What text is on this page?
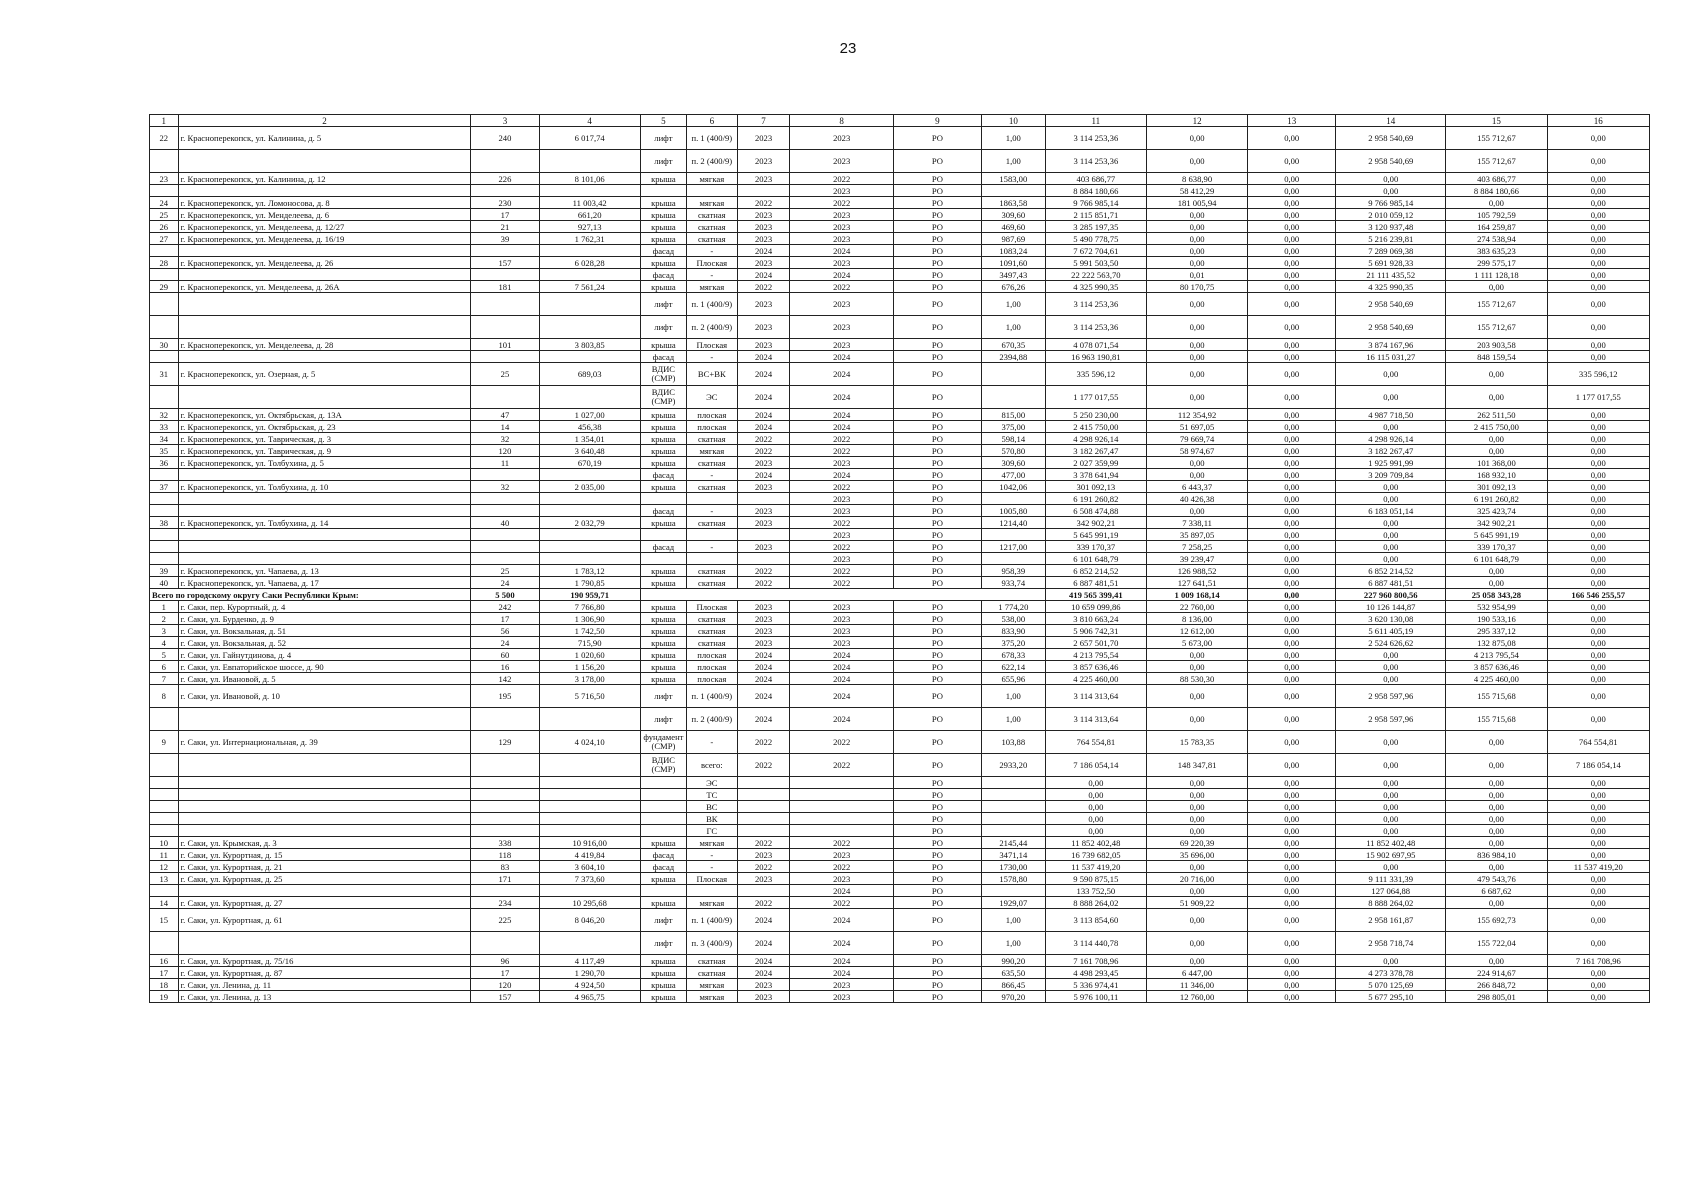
23
1	2	3	4	5	6	7	8	9	10	11	12	13	14	15	16
22	г. Красноперекопск, ул. Калинина, д. 5	240	6 017,74	лифт	п. 1 (400/9)	2023	2023	РО	1,00	3 114 253,36	0,00	0,00	2 958 540,69	155 712,67	0,00
				лифт	п. 2 (400/9)	2023	2023	РО	1,00	3 114 253,36	0,00	0,00	2 958 540,69	155 712,67	0,00
23	г. Красноперекопск, ул. Калинина, д. 12	226	8 101,06	крыша	мягкая	2023	2022	РО	1583,00	403 686,77	8 638,90	0,00	0,00	403 686,77	0,00
							2023	РО		8 884 180,66	58 412,29	0,00	0,00	8 884 180,66	0,00
24	г. Красноперекопск, ул. Ломоносова, д. 8	230	11 003,42	крыша	мягкая	2022	2022	РО	1863,58	9 766 985,14	181 005,94	0,00	9 766 985,14	0,00	0,00
25	г. Красноперекопск, ул. Менделеева, д. 6	17	661,20	крыша	скатная	2023	2023	РО	309,60	2 115 851,71	0,00	0,00	2 010 059,12	105 792,59	0,00
26	г. Красноперекопск, ул. Менделеева, д. 12/27	21	927,13	крыша	скатная	2023	2023	РО	469,60	3 285 197,35	0,00	0,00	3 120 937,48	164 259,87	0,00
27	г. Красноперекопск, ул. Менделеева, д. 16/19	39	1 762,31	крыша	скатная	2023	2023	РО	987,69	5 490 778,75	0,00	0,00	5 216 239,81	274 538,94	0,00
				фасад	-	2024	2024	РО	1083,24	7 672 704,61	0,00	0,00	7 289 069,38	383 635,23	0,00
28	г. Красноперекопск, ул. Менделеева, д. 26	157	6 028,28	крыша	Плоская	2023	2023	РО	1091,60	5 991 503,50	0,00	0,00	5 691 928,33	299 575,17	0,00
				фасад	-	2024	2024	РО	3497,43	22 222 563,70	0,01	0,00	21 111 435,52	1 111 128,18	0,00
29	г. Красноперекопск, ул. Менделеева, д. 26А	181	7 561,24	крыша	мягкая	2022	2022	РО	676,26	4 325 990,35	80 170,75	0,00	4 325 990,35	0,00	0,00
				лифт	п. 1 (400/9)	2023	2023	РО	1,00	3 114 253,36	0,00	0,00	2 958 540,69	155 712,67	0,00
				лифт	п. 2 (400/9)	2023	2023	РО	1,00	3 114 253,36	0,00	0,00	2 958 540,69	155 712,67	0,00
30	г. Красноперекопск, ул. Менделеева, д. 28	101	3 803,85	крыша	Плоская	2023	2023	РО	670,35	4 078 071,54	0,00	0,00	3 874 167,96	203 903,58	0,00
				фасад	-	2024	2024	РО	2394,88	16 963 190,81	0,00	0,00	16 115 031,27	848 159,54	0,00
31	г. Красноперекопск, ул. Озерная, д. 5	25	689,03	ВДИС (СМР)	ВС+ВК	2024	2024	РО		335 596,12	0,00	0,00	0,00	0,00	335 596,12
				ВДИС (СМР)	ЭС	2024	2024	РО		1 177 017,55	0,00	0,00	0,00	0,00	1 177 017,55
32	г. Красноперекопск, ул. Октябрьская, д. 13А	47	1 027,00	крыша	плоская	2024	2024	РО	815,00	5 250 230,00	112 354,92	0,00	4 987 718,50	262 511,50	0,00
33	г. Красноперекопск, ул. Октябрьская, д. 23	14	456,38	крыша	плоская	2024	2024	РО	375,00	2 415 750,00	51 697,05	0,00	0,00	2 415 750,00	0,00
34	г. Красноперекопск, ул. Таврическая, д. 3	32	1 354,01	крыша	скатная	2022	2022	РО	598,14	4 298 926,14	79 669,74	0,00	4 298 926,14	0,00	0,00
35	г. Красноперекопск, ул. Таврическая, д. 9	120	3 640,48	крыша	мягкая	2022	2022	РО	570,80	3 182 267,47	58 974,67	0,00	3 182 267,47	0,00	0,00
36	г. Красноперекопск, ул. Толбухина, д. 5	11	670,19	крыша	скатная	2023	2023	РО	309,60	2 027 359,99	0,00	0,00	1 925 991,99	101 368,00	0,00
				фасад	-	2024	2024	РО	477,00	3 378 641,94	0,00	0,00	3 209 709,84	168 932,10	0,00
37	г. Красноперекопск, ул. Толбухина, д. 10	32	2 035,00	крыша	скатная	2023	2022	РО	1042,06	301 092,13	6 443,37	0,00	0,00	301 092,13	0,00
							2023	РО		6 191 260,82	40 426,38	0,00	0,00	6 191 260,82	0,00
				фасад	-	2023	2023	РО	1005,80	6 508 474,88	0,00	0,00	6 183 051,14	325 423,74	0,00
38	г. Красноперекопск, ул. Толбухина, д. 14	40	2 032,79	крыша	скатная	2023	2022	РО	1214,40	342 902,21	7 338,11	0,00	0,00	342 902,21	0,00
							2023	РО		5 645 991,19	35 897,05	0,00	0,00	5 645 991,19	0,00
				фасад	-	2023	2022	РО	1217,00	339 170,37	7 258,25	0,00	0,00	339 170,37	0,00
							2023	РО		6 101 648,79	39 239,47	0,00	0,00	6 101 648,79	0,00
39	г. Красноперекопск, ул. Чапаева, д. 13	25	1 783,12	крыша	скатная	2022	2022	РО	958,39	6 852 214,52	126 988,52	0,00	6 852 214,52	0,00	0,00
40	г. Красноперекопск, ул. Чапаева, д. 17	24	1 790,85	крыша	скатная	2022	2022	РО	933,74	6 887 481,51	127 641,51	0,00	6 887 481,51	0,00	0,00
Всего по городскому округу Саки Республики Крым:		5 500	190 959,71							419 565 399,41	1 009 168,14	0,00	227 960 800,56	25 058 343,28	166 546 255,57
1	г. Саки, пер. Курортный, д. 4	242	7 766,80	крыша	Плоская	2023	2023	РО	1 774,20	10 659 099,86	22 760,00	0,00	10 126 144,87	532 954,99	0,00
2	г. Саки, ул. Бурденко, д. 9	17	1 306,90	крыша	скатная	2023	2023	РО	538,00	3 810 663,24	8 136,00	0,00	3 620 130,08	190 533,16	0,00
3	г. Саки, ул. Вокзальная, д. 51	56	1 742,50	крыша	скатная	2023	2023	РО	833,90	5 906 742,31	12 612,00	0,00	5 611 405,19	295 337,12	0,00
4	г. Саки, ул. Вокзальная, д. 52	24	715,90	крыша	скатная	2023	2023	РО	375,20	2 657 501,70	5 673,00	0,00	2 524 626,62	132 875,08	0,00
5	г. Саки, ул. Гайнутдинова, д. 4	60	1 020,60	крыша	плоская	2024	2024	РО	678,33	4 213 795,54	0,00	0,00	0,00	4 213 795,54	0,00
6	г. Саки, ул. Евпаторийское шоссе, д. 90	16	1 156,20	крыша	плоская	2024	2024	РО	622,14	3 857 636,46	0,00	0,00	0,00	3 857 636,46	0,00
7	г. Саки, ул. Ивановой, д. 5	142	3 178,00	крыша	плоская	2024	2024	РО	655,96	4 225 460,00	88 530,30	0,00	0,00	4 225 460,00	0,00
8	г. Саки, ул. Ивановой, д. 10	195	5 716,50	лифт	п. 1 (400/9)	2024	2024	РО	1,00	3 114 313,64	0,00	0,00	2 958 597,96	155 715,68	0,00
				лифт	п. 2 (400/9)	2024	2024	РО	1,00	3 114 313,64	0,00	0,00	2 958 597,96	155 715,68	0,00
9	г. Саки, ул. Интернациональная, д. 39	129	4 024,10	фундамент (СМР)	-	2022	2022	РО	103,88	764 554,81	15 783,35	0,00	0,00	0,00	764 554,81
				ВДИС (СМР)	всего:	2022	2022	РО	2933,20	7 186 054,14	148 347,81	0,00	0,00	0,00	7 186 054,14
					ЭС			РО		0,00	0,00	0,00	0,00	0,00	0,00
					ТС			РО		0,00	0,00	0,00	0,00	0,00	0,00
					ВС			РО		0,00	0,00	0,00	0,00	0,00	0,00
					ВК			РО		0,00	0,00	0,00	0,00	0,00	0,00
					ГС			РО		0,00	0,00	0,00	0,00	0,00	0,00
10	г. Саки, ул. Крымская, д. 3	338	10 916,00	крыша	мягкая	2022	2022	РО	2145,44	11 852 402,48	69 220,39	0,00	11 852 402,48	0,00	0,00
11	г. Саки, ул. Курортная, д. 15	118	4 419,84	фасад	-	2023	2023	РО	3471,14	16 739 682,05	35 696,00	0,00	15 902 697,95	836 984,10	0,00
12	г. Саки, ул. Курортная, д. 21	83	3 604,10	фасад	-	2022	2022	РО	1730,00	11 537 419,20	0,00	0,00	0,00	0,00	11 537 419,20
13	г. Саки, ул. Курортная, д. 25	171	7 373,60	крыша	Плоская	2023	2023	РО	1578,80	9 590 875,15	20 716,00	0,00	9 111 331,39	479 543,76	0,00
							2024	РО		133 752,50	0,00	0,00	127 064,88	6 687,62	0,00
14	г. Саки, ул. Курортная, д. 27	234	10 295,68	крыша	мягкая	2022	2022	РО	1929,07	8 888 264,02	51 909,22	0,00	8 888 264,02	0,00	0,00
15	г. Саки, ул. Курортная, д. 61	225	8 046,20	лифт	п. 1 (400/9)	2024	2024	РО	1,00	3 113 854,60	0,00	0,00	2 958 161,87	155 692,73	0,00
				лифт	п. 3 (400/9)	2024	2024	РО	1,00	3 114 440,78	0,00	0,00	2 958 718,74	155 722,04	0,00
16	г. Саки, ул. Курортная, д. 75/16	96	4 117,49	крыша	скатная	2024	2024	РО	990,20	7 161 708,96	0,00	0,00	0,00	0,00	7 161 708,96
17	г. Саки, ул. Курортная, д. 87	17	1 290,70	крыша	скатная	2024	2024	РО	635,50	4 498 293,45	6 447,00	0,00	4 273 378,78	224 914,67	0,00
18	г. Саки, ул. Ленина, д. 11	120	4 924,50	крыша	мягкая	2023	2023	РО	866,45	5 336 974,41	11 346,00	0,00	5 070 125,69	266 848,72	0,00
19	г. Саки, ул. Ленина, д. 13	157	4 965,75	крыша	мягкая	2023	2023	РО	970,20	5 976 100,11	12 760,00	0,00	5 677 295,10	298 805,01	0,00
